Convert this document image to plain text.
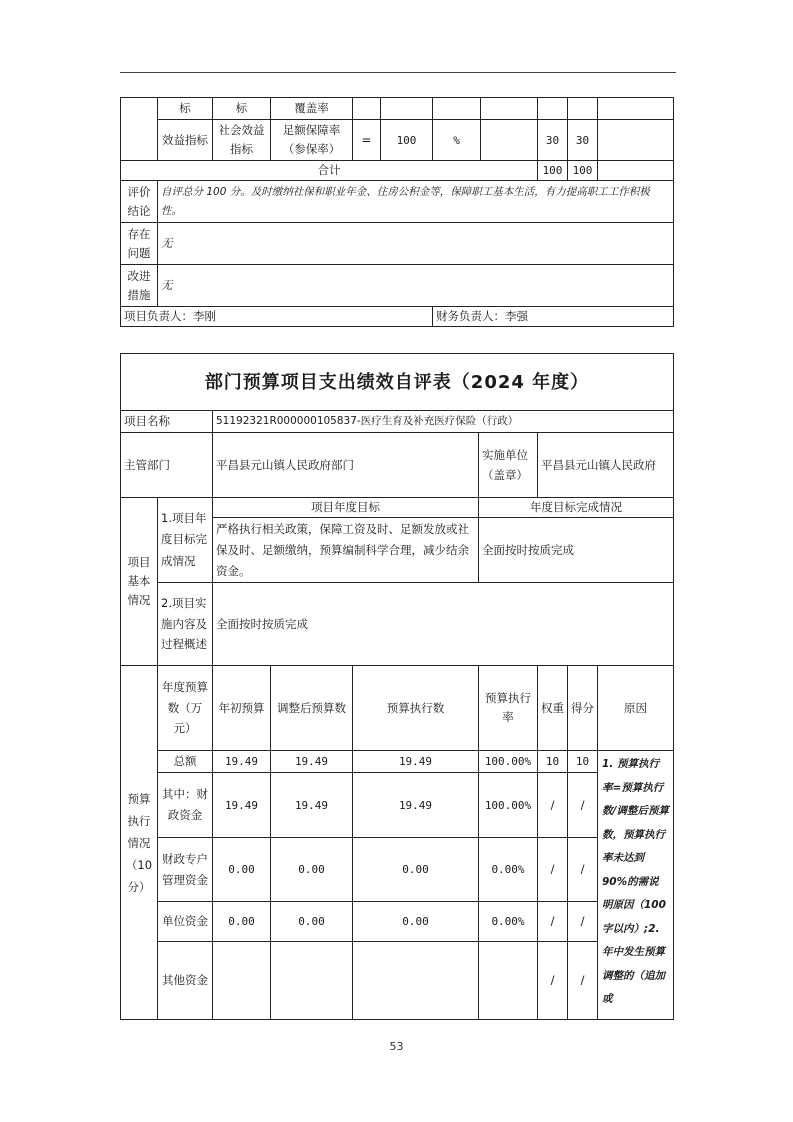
	标	标	覆盖率							
	效益指标	社会效益指标	足额保障率（参保率）	=	100	%		30	30	
合计								100	100	
评价结论	自评总分 100 分。及时缴纳社保和职业年金、住房公积金等，保障职工基本生活，有力提高职工工作积极性。									
存在问题	无									
改进措施	无									
项目负责人：李刚						财务负责人：李强				
部门预算项目支出绩效自评表（2024 年度）								
项目名称		51192321R000000105837-医疗生育及补充医疗保险（行政）						
主管部门		平昌县元山镇人民政府部门			实施单位（盖章）	平昌县元山镇人民政府		
项目基本情况	1.项目年度目标完成情况	项目年度目标			年度目标完成情况			
		严格执行相关政策，保障工资及时、足额发放或社保及时、足额缴纳，预算编制科学合理，减少结余资金。			全面按时按质完成			
	2.项目实施内容及过程概述	全面按时按质完成						
预算执行情况（10分）	年度预算数（万元）	年初预算	调整后预算数	预算执行数	预算执行率	权重	得分	原因
	总额	19.49	19.49	19.49	100.00%	10	10	1. 预算执行率=预算执行数/调整后预算数，预算执行率未达到 90%的需说明原因（100 字以内）;2. 年中发生预算调整的（追加或
	其中：财政资金	19.49	19.49	19.49	100.00%	/	/	
	财政专户管理资金	0.00	0.00	0.00	0.00%	/	/	
	单位资金	0.00	0.00	0.00	0.00%	/	/	
	其他资金					/	/	
53
